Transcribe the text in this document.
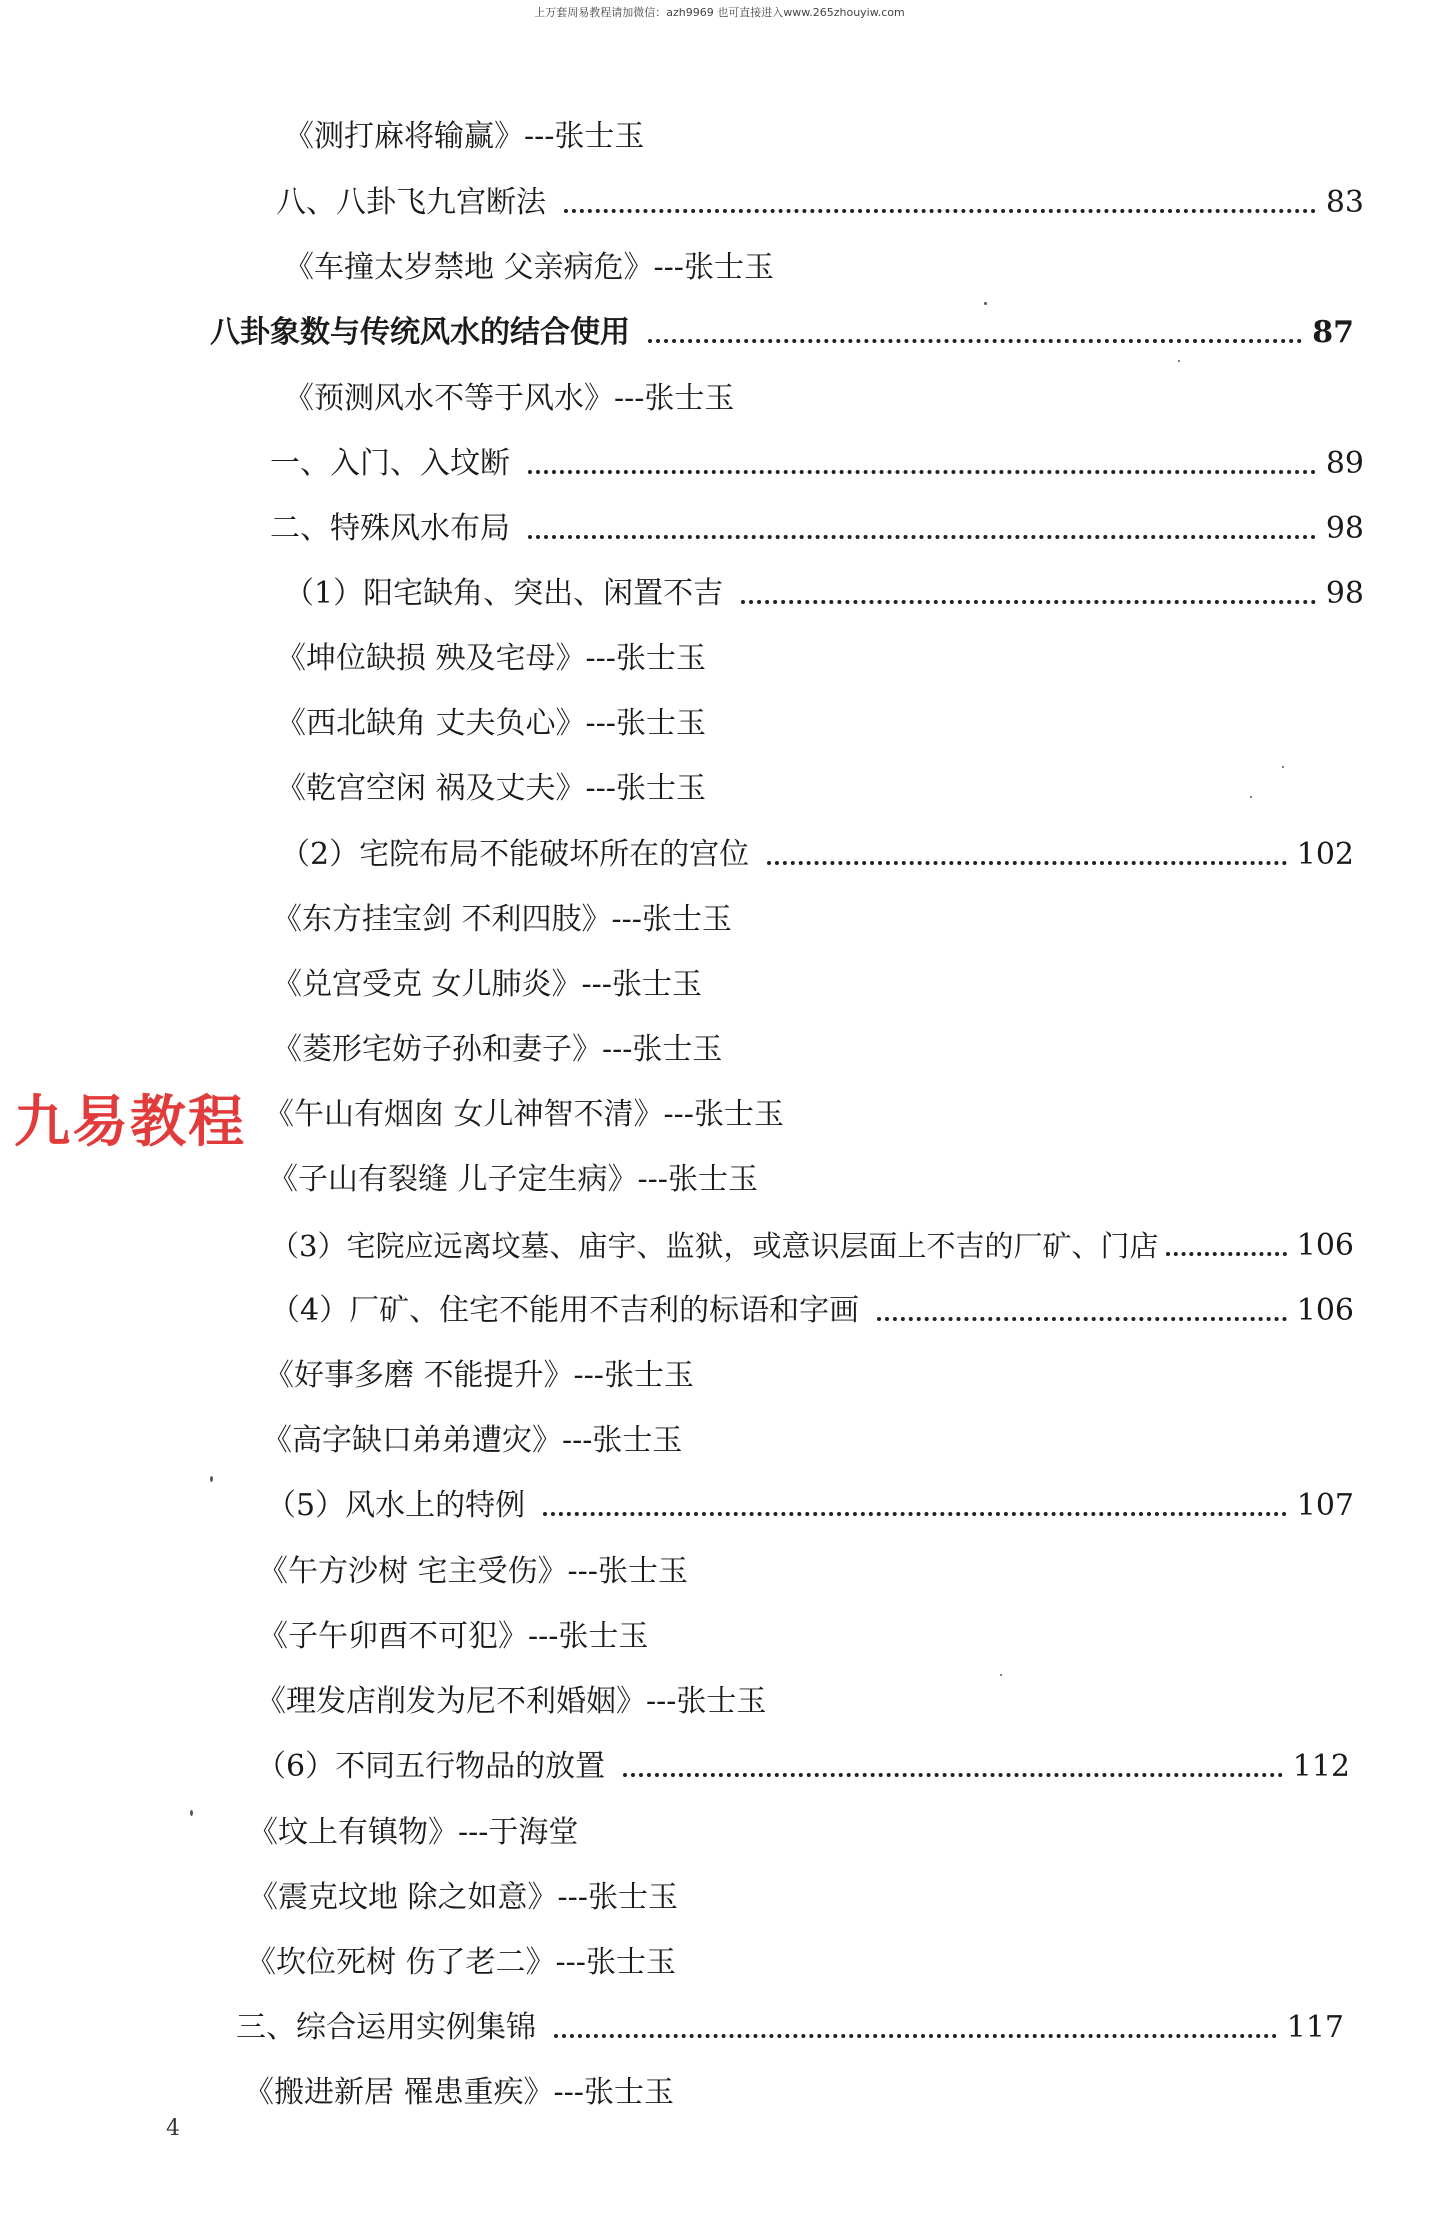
上万套周易教程请加微信：azh9969 也可直接进入www.265zhouyiw.com
《测打麻将输赢》---张士玉
八、八卦飞九宫断法	83
《车撞太岁禁地 父亲病危》---张士玉
八卦象数与传统风水的结合使用	87
《预测风水不等于风水》---张士玉
一、入门、入坟断	89
二、特殊风水布局	98
（1）阳宅缺角、突出、闲置不吉	98
《坤位缺损 殃及宅母》---张士玉
《西北缺角 丈夫负心》---张士玉
《乾宫空闲 祸及丈夫》---张士玉
（2）宅院布局不能破坏所在的宫位	102
《东方挂宝剑 不利四肢》---张士玉
《兑宫受克 女儿肺炎》---张士玉
《菱形宅妨子孙和妻子》---张士玉
《午山有烟囱 女儿神智不清》---张士玉
《子山有裂缝 儿子定生病》---张士玉
（3）宅院应远离坟墓、庙宇、监狱，或意识层面上不吉的厂矿、门店	106
（4）厂矿、住宅不能用不吉利的标语和字画	106
《好事多磨 不能提升》---张士玉
《高字缺口弟弟遭灾》---张士玉
（5）风水上的特例	107
《午方沙树 宅主受伤》---张士玉
《子午卯酉不可犯》---张士玉
《理发店削发为尼不利婚姻》---张士玉
（6）不同五行物品的放置	112
《坟上有镇物》---于海堂
《震克坟地 除之如意》---张士玉
《坎位死树 伤了老二》---张士玉
三、综合运用实例集锦	117
《搬进新居 罹患重疾》---张士玉
九易教程
4
